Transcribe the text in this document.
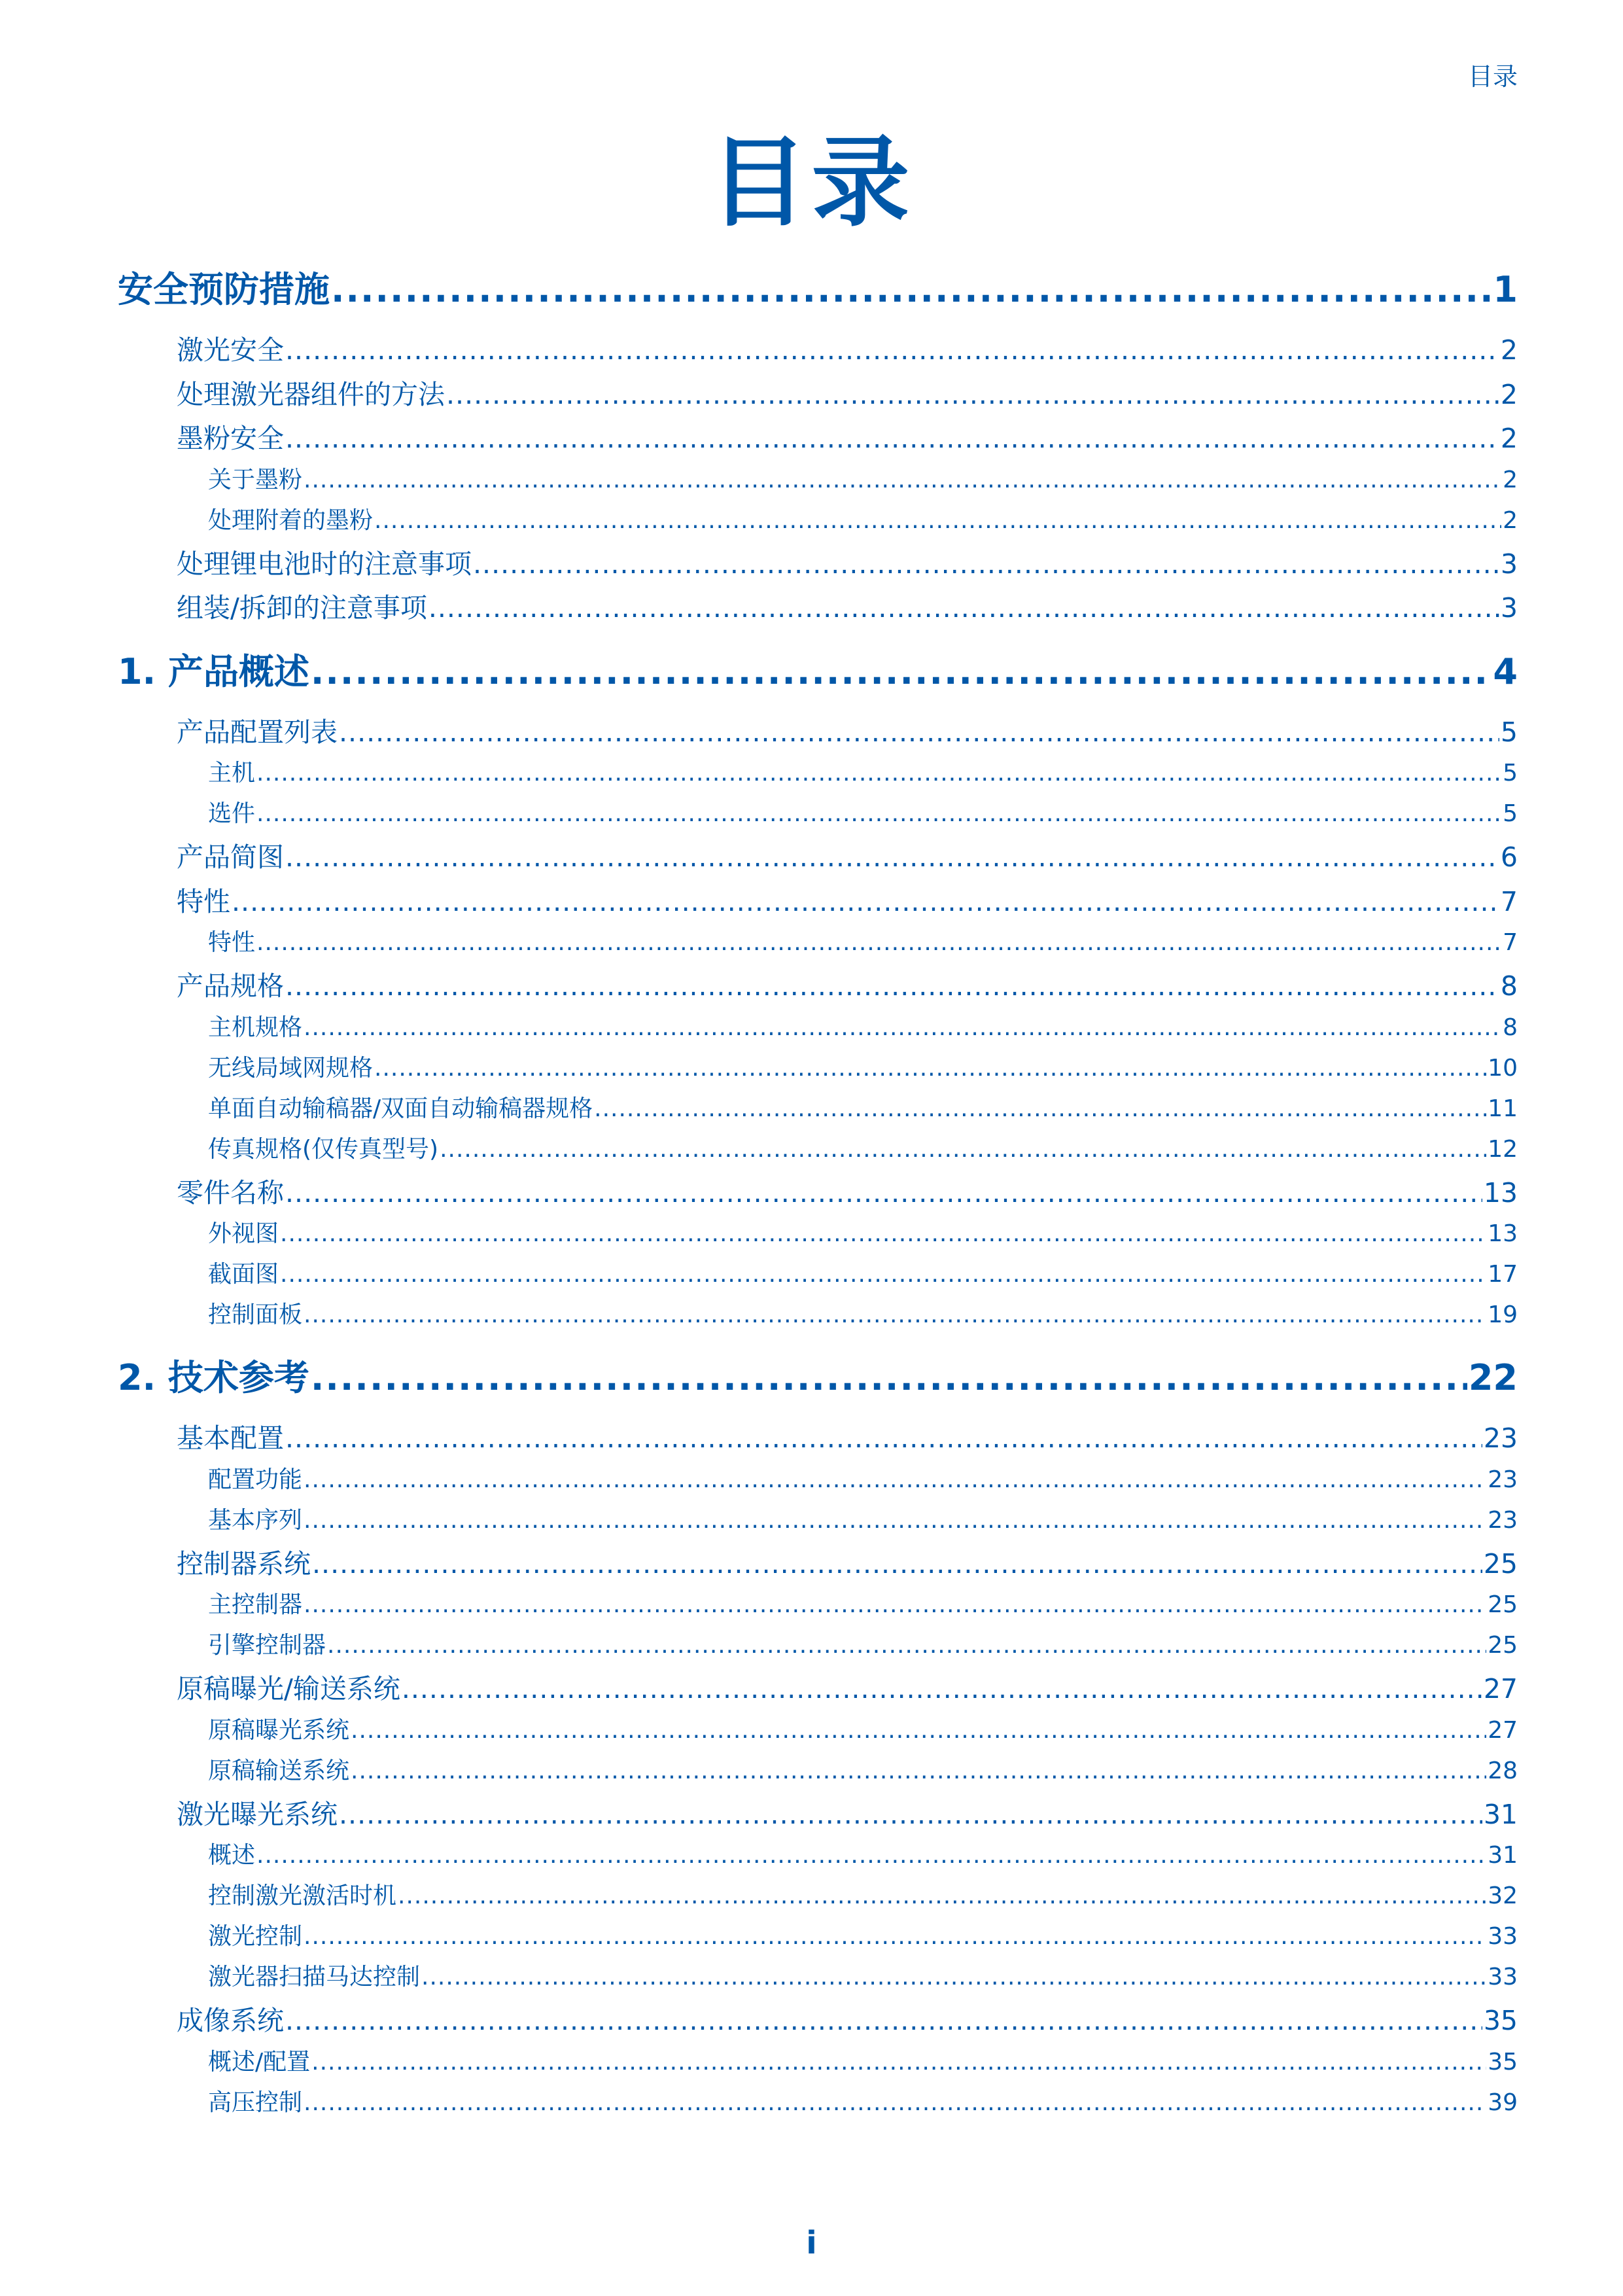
目录
目录
安全预防措施 .....	1
激光安全 .....	2
处理激光器组件的方法 .....	2
墨粉安全 .....	2
关于墨粉 .....	2
处理附着的墨粉 .....	2
处理锂电池时的注意事项 .....	3
组装/拆卸的注意事项 .....	3
1. 产品概述 .....	4
产品配置列表 .....	5
主机 .....	5
选件 .....	5
产品简图 .....	6
特性 .....	7
特性 .....	7
产品规格 .....	8
主机规格 .....	8
无线局域网规格 .....	10
单面自动输稿器/双面自动输稿器规格 .....	11
传真规格(仅传真型号) .....	12
零件名称 .....	13
外视图 .....	13
截面图 .....	17
控制面板 .....	19
2. 技术参考 .....	22
基本配置 .....	23
配置功能 .....	23
基本序列 .....	23
控制器系统 .....	25
主控制器 .....	25
引擎控制器 .....	25
原稿曝光/输送系统 .....	27
原稿曝光系统 .....	27
原稿输送系统 .....	28
激光曝光系统 .....	31
概述 .....	31
控制激光激活时机 .....	32
激光控制 .....	33
激光器扫描马达控制 .....	33
成像系统 .....	35
概述/配置 .....	35
高压控制 .....	39
i
